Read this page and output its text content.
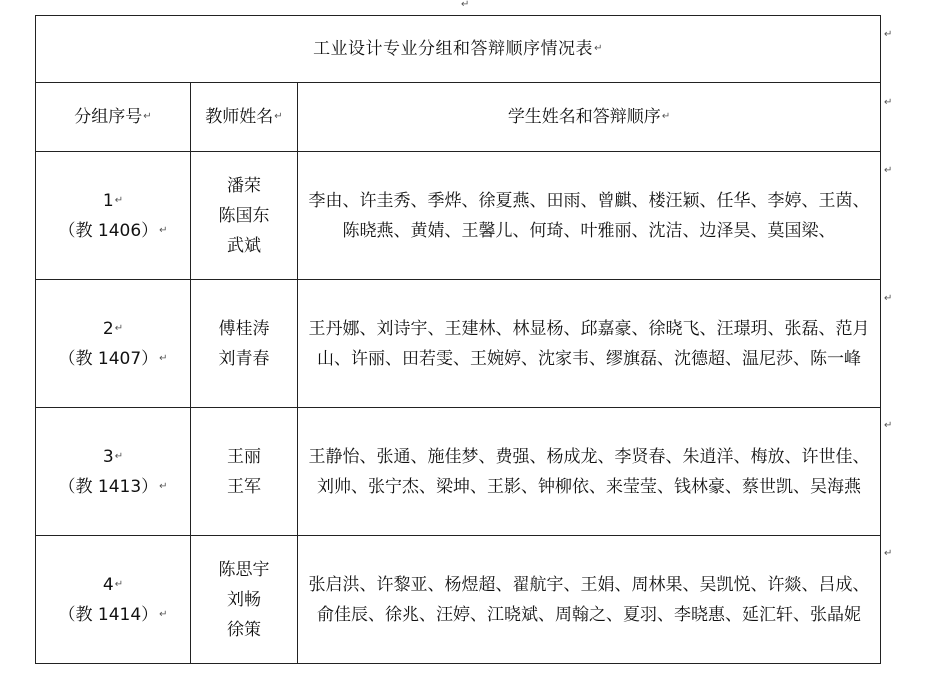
↵
↵
↵
↵
↵
↵
↵
工业设计专业分组和答辩顺序情况表↵		
分组序号↵	教师姓名↵	学生姓名和答辩顺序↵

1↵
（教 1406）↵	潘荣
陈国东
武斌	李由、许圭秀、季烨、徐夏燕、田雨、曾麒、楼汪颖、任华、李婷、王茵、陈晓燕、黄婧、王馨儿、何琦、叶雅丽、沈洁、边泽昊、莫国梁、

2↵
（教 1407）↵	傅桂涛
刘青春	王丹娜、刘诗宇、王建林、林显杨、邱嘉豪、徐晓飞、汪璟玥、张磊、范月山、许丽、田若雯、王婉婷、沈家韦、缪旗磊、沈德超、温尼莎、陈一峰

3↵
（教 1413）↵	王丽
王军	王静怡、张通、施佳梦、费强、杨成龙、李贤春、朱逍洋、梅放、许世佳、刘帅、张宁杰、梁坤、王影、钟柳依、来莹莹、钱林豪、蔡世凯、吴海燕

4↵
（教 1414）↵	陈思宇
刘畅
徐策	张启洪、许黎亚、杨煜超、翟航宇、王娟、周林果、吴凯悦、许燚、吕成、俞佳辰、徐兆、汪婷、江晓斌、周翰之、夏羽、李晓惠、延汇轩、张晶妮
